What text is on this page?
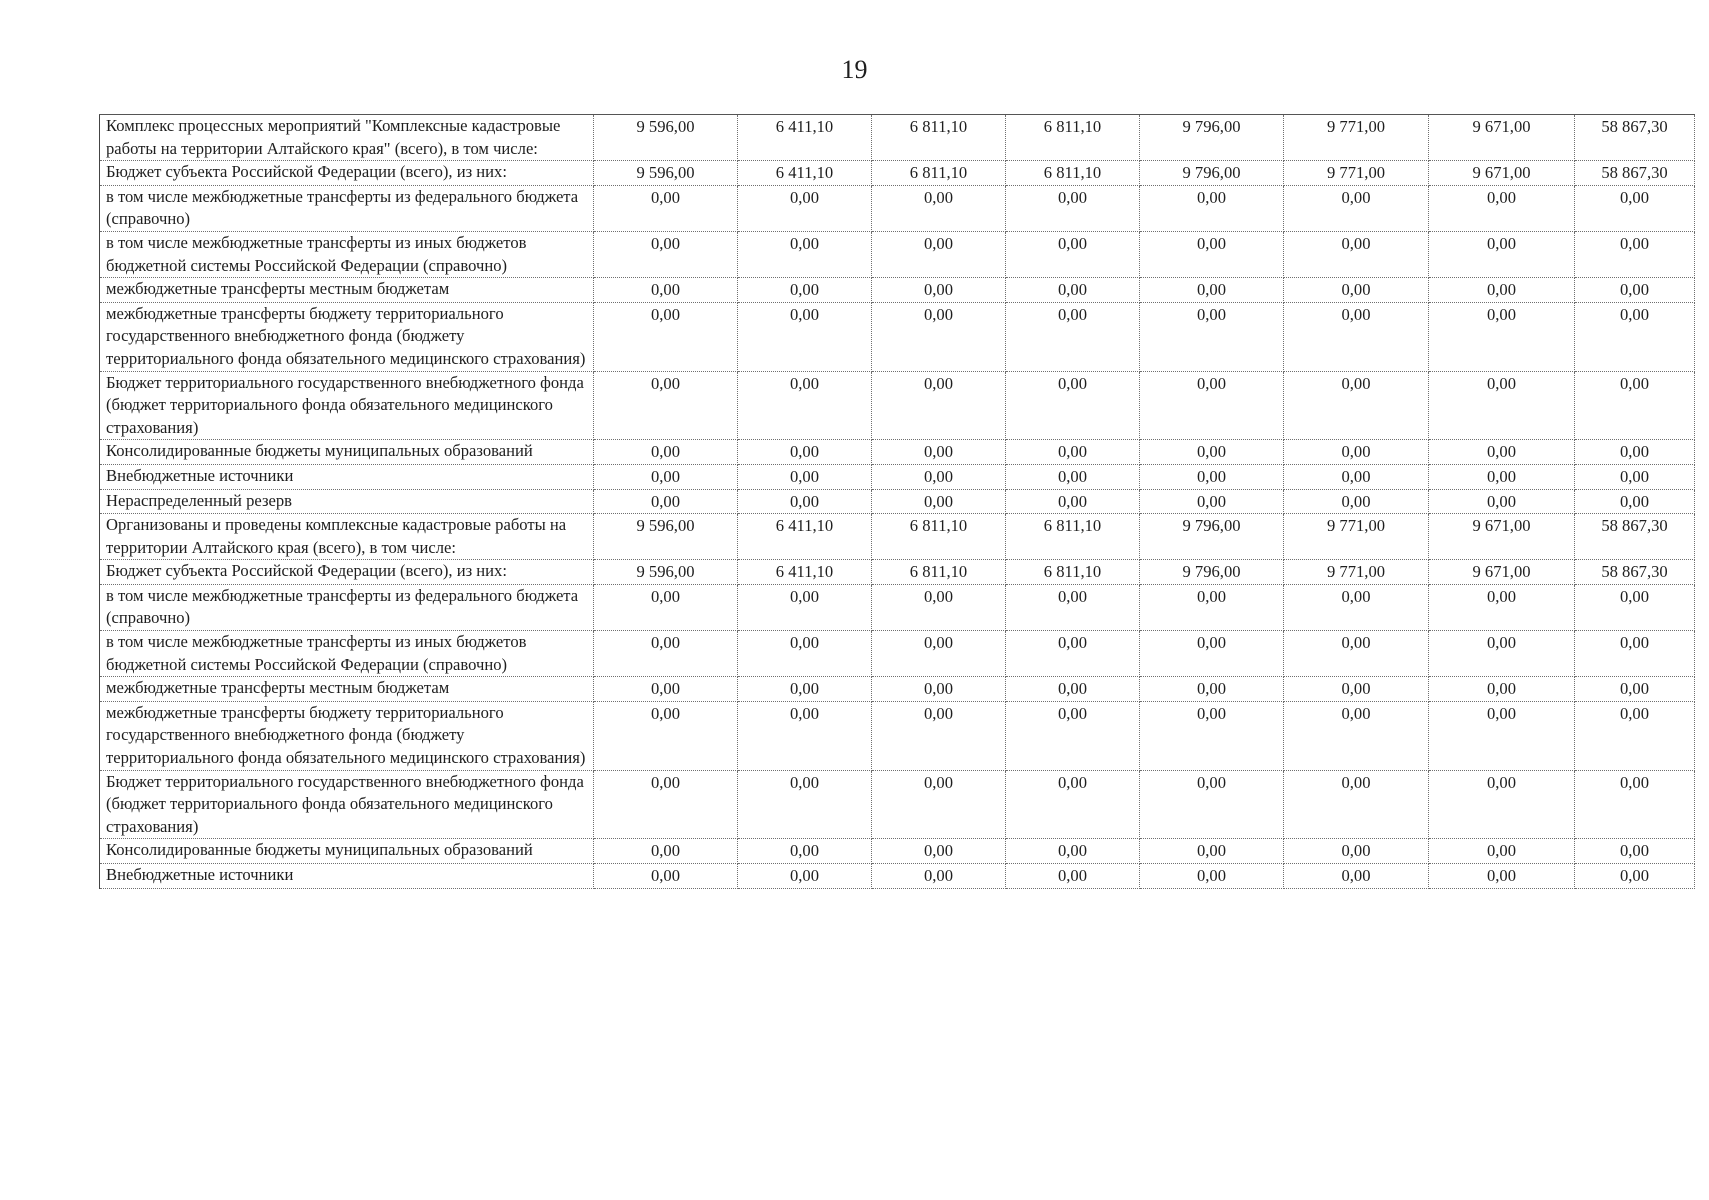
19
Комплекс процессных мероприятий "Комплексные кадастровые работы на территории Алтайского края" (всего), в том числе:	9 596,00	6 411,10	6 811,10	6 811,10	9 796,00	9 771,00	9 671,00	58 867,30
Бюджет субъекта Российской Федерации (всего), из них:	9 596,00	6 411,10	6 811,10	6 811,10	9 796,00	9 771,00	9 671,00	58 867,30
в том числе межбюджетные трансферты из федерального бюджета (справочно)	0,00	0,00	0,00	0,00	0,00	0,00	0,00	0,00
в том числе межбюджетные трансферты из иных бюджетов бюджетной системы Российской Федерации (справочно)	0,00	0,00	0,00	0,00	0,00	0,00	0,00	0,00
межбюджетные трансферты местным бюджетам	0,00	0,00	0,00	0,00	0,00	0,00	0,00	0,00
межбюджетные трансферты бюджету территориального государственного внебюджетного фонда (бюджету территориального фонда обязательного медицинского страхования)	0,00	0,00	0,00	0,00	0,00	0,00	0,00	0,00
Бюджет территориального государственного внебюджетного фонда (бюджет территориального фонда обязательного медицинского страхования)	0,00	0,00	0,00	0,00	0,00	0,00	0,00	0,00
Консолидированные бюджеты муниципальных образований	0,00	0,00	0,00	0,00	0,00	0,00	0,00	0,00
Внебюджетные источники	0,00	0,00	0,00	0,00	0,00	0,00	0,00	0,00
Нераспределенный резерв	0,00	0,00	0,00	0,00	0,00	0,00	0,00	0,00
Организованы и проведены комплексные кадастровые работы на территории Алтайского края (всего), в том числе:	9 596,00	6 411,10	6 811,10	6 811,10	9 796,00	9 771,00	9 671,00	58 867,30
Бюджет субъекта Российской Федерации (всего), из них:	9 596,00	6 411,10	6 811,10	6 811,10	9 796,00	9 771,00	9 671,00	58 867,30
в том числе межбюджетные трансферты из федерального бюджета (справочно)	0,00	0,00	0,00	0,00	0,00	0,00	0,00	0,00
в том числе межбюджетные трансферты из иных бюджетов бюджетной системы Российской Федерации (справочно)	0,00	0,00	0,00	0,00	0,00	0,00	0,00	0,00
межбюджетные трансферты местным бюджетам	0,00	0,00	0,00	0,00	0,00	0,00	0,00	0,00
межбюджетные трансферты бюджету территориального государственного внебюджетного фонда (бюджету территориального фонда обязательного медицинского страхования)	0,00	0,00	0,00	0,00	0,00	0,00	0,00	0,00
Бюджет территориального государственного внебюджетного фонда (бюджет территориального фонда обязательного медицинского страхования)	0,00	0,00	0,00	0,00	0,00	0,00	0,00	0,00
Консолидированные бюджеты муниципальных образований	0,00	0,00	0,00	0,00	0,00	0,00	0,00	0,00
Внебюджетные источники	0,00	0,00	0,00	0,00	0,00	0,00	0,00	0,00
